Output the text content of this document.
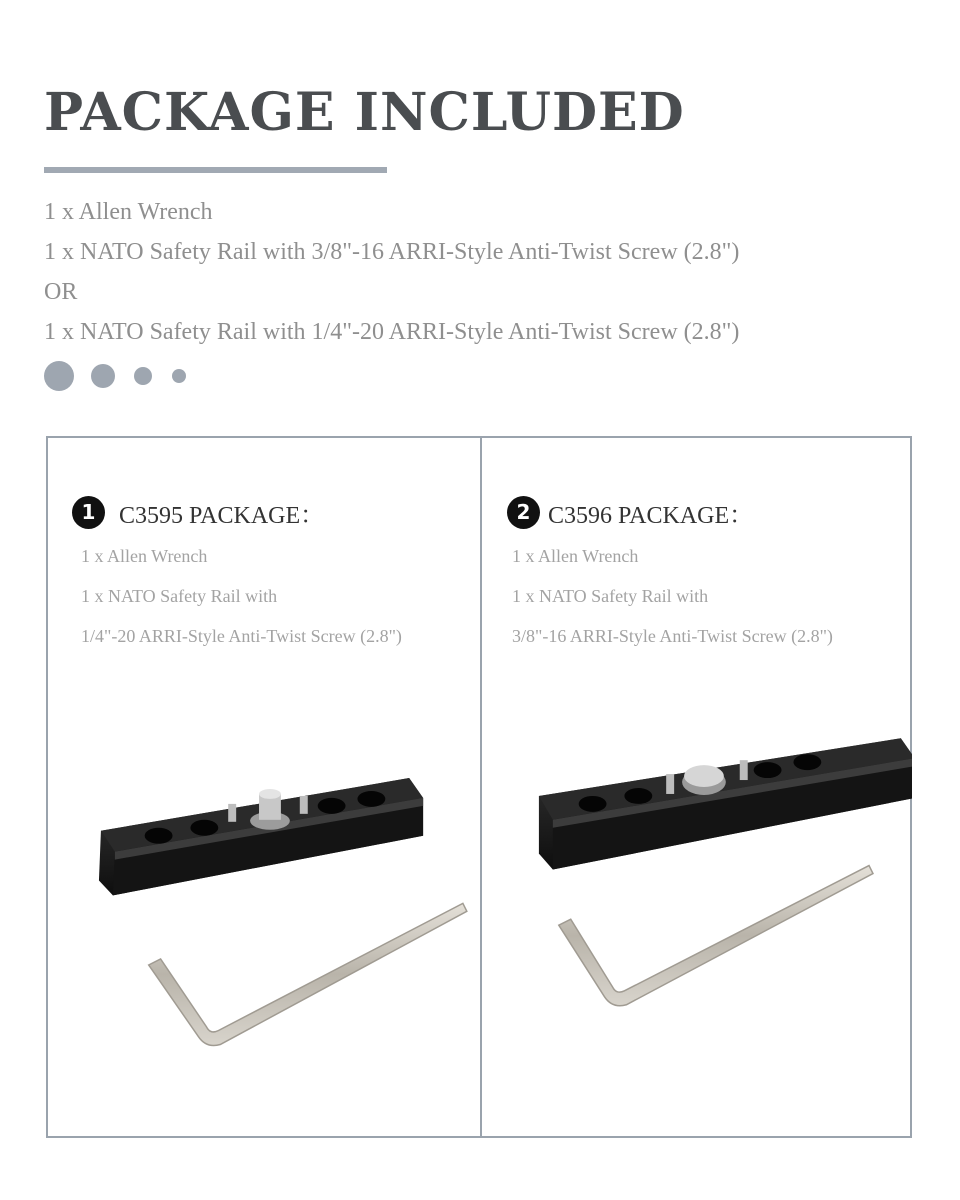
PACKAGE INCLUDED
1 x Allen Wrench
1 x NATO Safety Rail with 3/8"-16 ARRI-Style Anti-Twist Screw (2.8")
OR
1 x NATO Safety Rail with 1/4"-20 ARRI-Style Anti-Twist Screw (2.8")
1 C3595 PACKAGE：
1 x Allen Wrench
1 x NATO Safety Rail with
1/4"-20 ARRI-Style Anti-Twist Screw (2.8")
2 C3596 PACKAGE：
1 x Allen Wrench
1 x NATO Safety Rail with
3/8"-16 ARRI-Style Anti-Twist Screw (2.8")
